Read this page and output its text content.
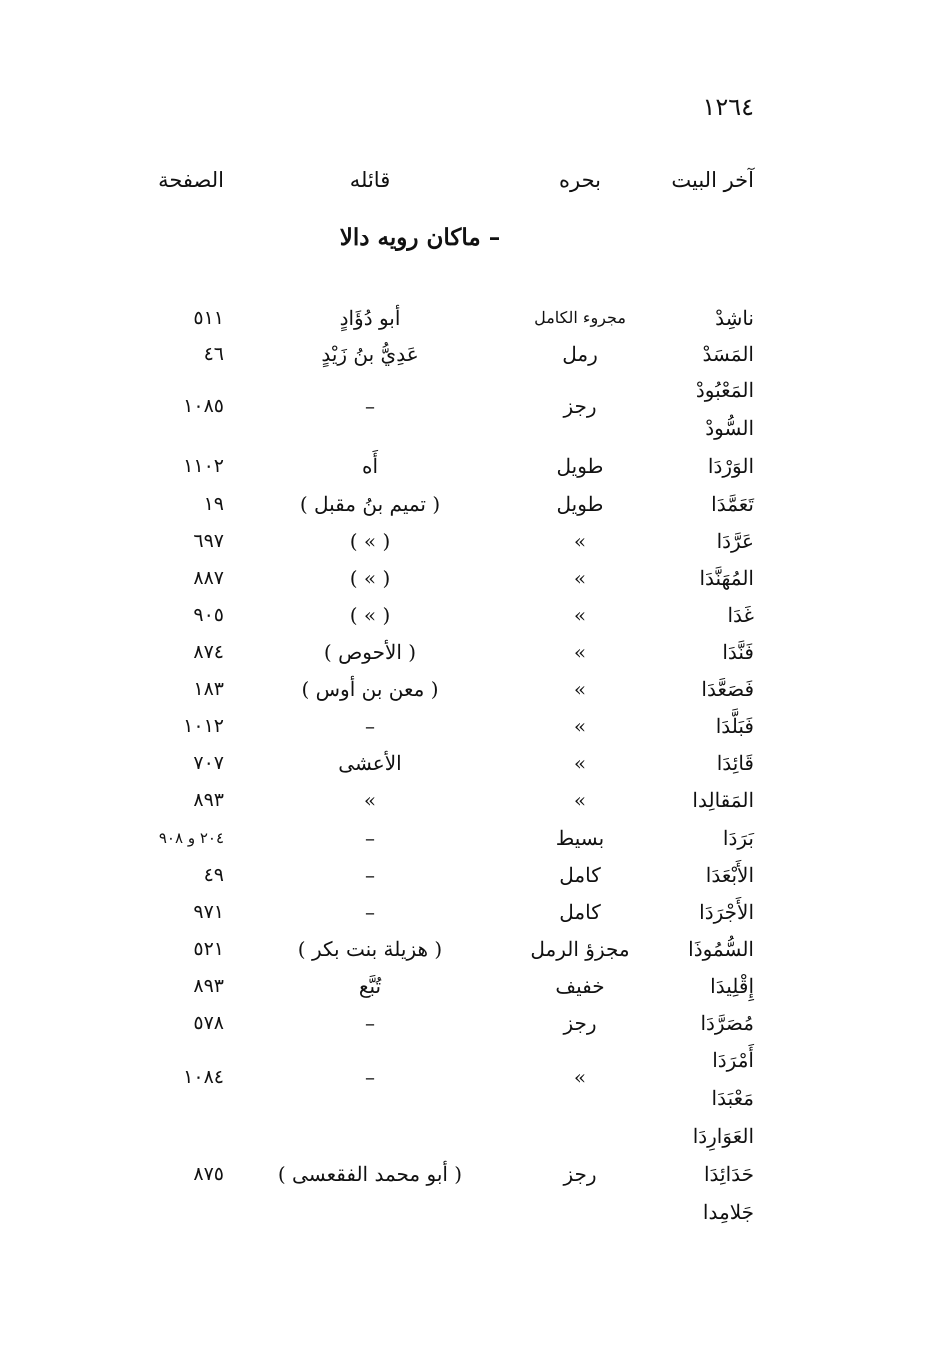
١٢٦٤
آخر البيت
بحره
قائله
الصفحة
– ماكان رويه دالا
ناشِدْ
مجروء الكامل
أبو دُؤَادٍ
٥١١
المَسَدْ
رمل
عَدِيُّ بنُ زَيْدٍ
٤٦
المَعْبُودْ
رجز
–
١٠٨٥
السُّودْ
الوَرْدَا
طويل
أَه
١١٠٢
تَعَمَّدَا
طويل
( تميم بنُ مقبل )
١٩
عَرَّدَا
»
( » )
٦٩٧
المُهَنَّدَا
»
( » )
٨٨٧
غَدَا
»
( » )
٩٠٥
فَنَّدَا
»
( الأحوص )
٨٧٤
فَصَعَّدَا
»
( معن بن أوس )
١٨٣
فَبَلَّدَا
»
–
١٠١٢
قَائِدَا
»
الأعشى
٧٠٧
المَقالِدا
»
»
٨٩٣
بَرَدَا
بسيط
–
٢٠٤ و ٩٠٨
الأَبْعَدَا
كامل
–
٤٩
الأَجْرَدَا
كامل
–
٩٧١
السُّمُوذَا
مجزؤ الرمل
( هزيلة بنت بكر )
٥٢١
إِقْلِيدَا
خفيف
تُبَّع
٨٩٣
مُصَرَّدَا
رجز
–
٥٧٨
أَمْرَدَا
»
–
١٠٨٤
مَعْبَدَا
العَوَارِدَا
حَدَائِدَا
رجز
( أبو محمد الفقعسى )
٨٧٥
جَلامِدا
